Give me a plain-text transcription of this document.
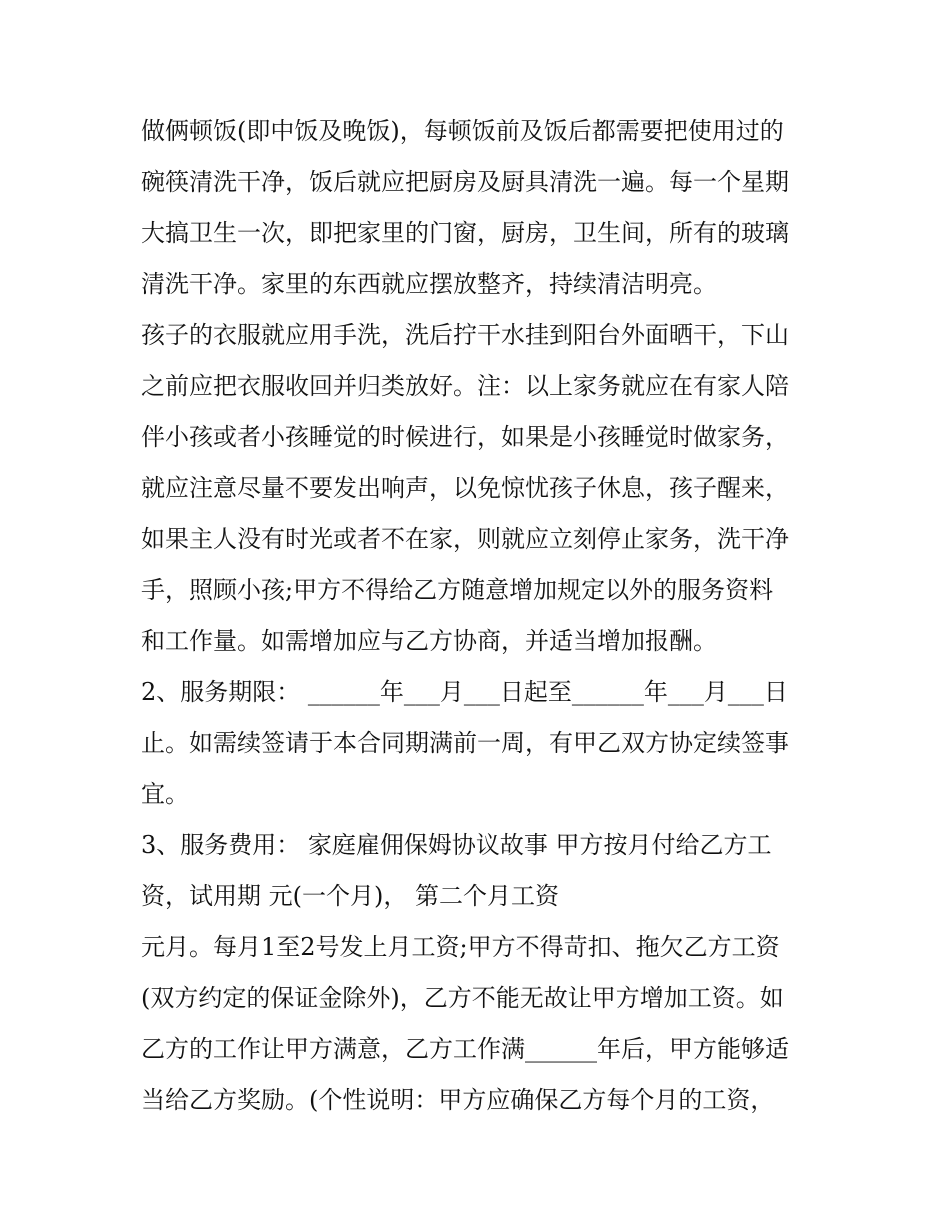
做俩顿饭(即中饭及晚饭)，每顿饭前及饭后都需要把使用过的
碗筷清洗干净，饭后就应把厨房及厨具清洗一遍。每一个星期
大搞卫生一次，即把家里的门窗，厨房，卫生间，所有的玻璃
清洗干净。家里的东西就应摆放整齐，持续清洁明亮。
孩子的衣服就应用手洗，洗后拧干水挂到阳台外面晒干，下山
之前应把衣服收回并归类放好。注：以上家务就应在有家人陪
伴小孩或者小孩睡觉的时候进行，如果是小孩睡觉时做家务，
就应注意尽量不要发出响声，以免惊忧孩子休息，孩子醒来，
如果主人没有时光或者不在家，则就应立刻停止家务，洗干净
手，照顾小孩;甲方不得给乙方随意增加规定以外的服务资料
和工作量。如需增加应与乙方协商，并适当增加报酬。
2、服务期限： ______年___月___日起至______年___月___日
止。如需续签请于本合同期满前一周，有甲乙双方协定续签事
宜。
3、服务费用： 家庭雇佣保姆协议故事 甲方按月付给乙方工
资，试用期 元(一个月)， 第二个月工资
元月。每月1至2号发上月工资;甲方不得苛扣、拖欠乙方工资
(双方约定的保证金除外)，乙方不能无故让甲方增加工资。如
乙方的工作让甲方满意，乙方工作满______年后，甲方能够适
当给乙方奖励。(个性说明：甲方应确保乙方每个月的工资，
